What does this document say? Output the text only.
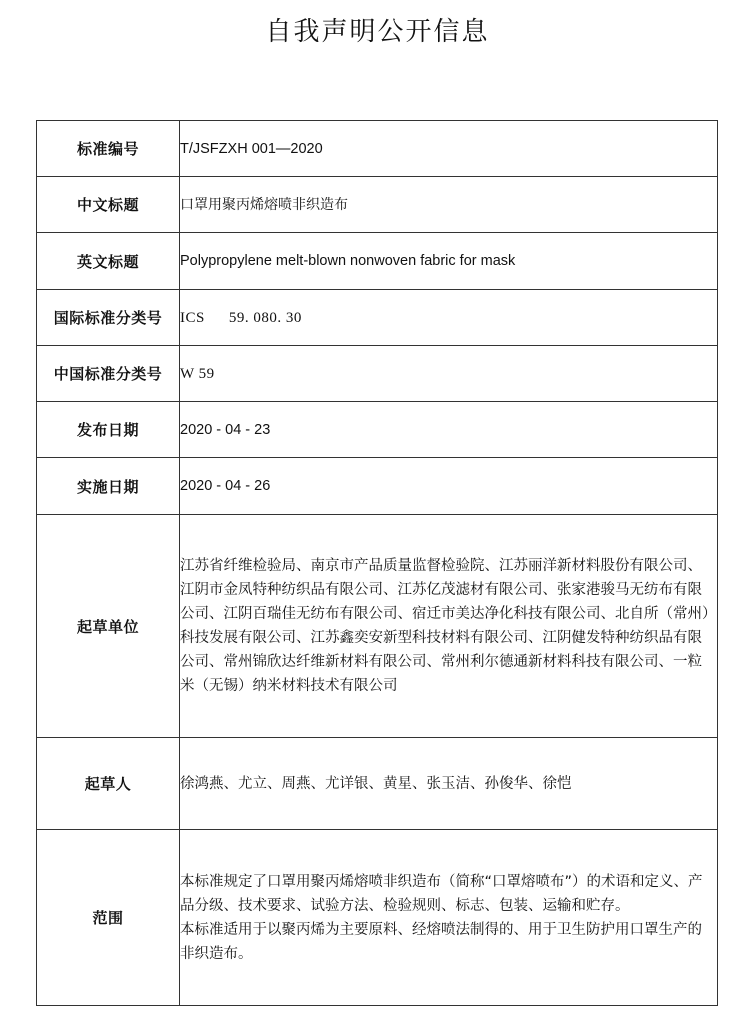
自我声明公开信息
标准编号	T/JSFZXH 001—2020
中文标题	口罩用聚丙烯熔喷非织造布
英文标题	Polypropylene melt-blown nonwoven fabric for mask
国际标准分类号	ICS 59. 080. 30
中国标准分类号	W 59
发布日期	2020 - 04 - 23
实施日期	2020 - 04 - 26
起草单位	江苏省纤维检验局、南京市产品质量监督检验院、江苏丽洋新材料股份有限公司、江阴市金凤特种纺织品有限公司、江苏亿茂滤材有限公司、张家港骏马无纺布有限公司、江阴百瑞佳无纺布有限公司、宿迁市美达净化科技有限公司、北自所（常州）科技发展有限公司、江苏鑫奕安新型科技材料有限公司、江阴健发特种纺织品有限公司、常州锦欣达纤维新材料有限公司、常州利尔德通新材料科技有限公司、一粒米（无锡）纳米材料技术有限公司
起草人	徐鸿燕、尤立、周燕、尤详银、黄星、张玉洁、孙俊华、徐恺
范围	本标准规定了口罩用聚丙烯熔喷非织造布（简称“口罩熔喷布”）的术语和定义、产品分级、技术要求、试验方法、检验规则、标志、包装、运输和贮存。
本标准适用于以聚丙烯为主要原料、经熔喷法制得的、用于卫生防护用口罩生产的非织造布。
